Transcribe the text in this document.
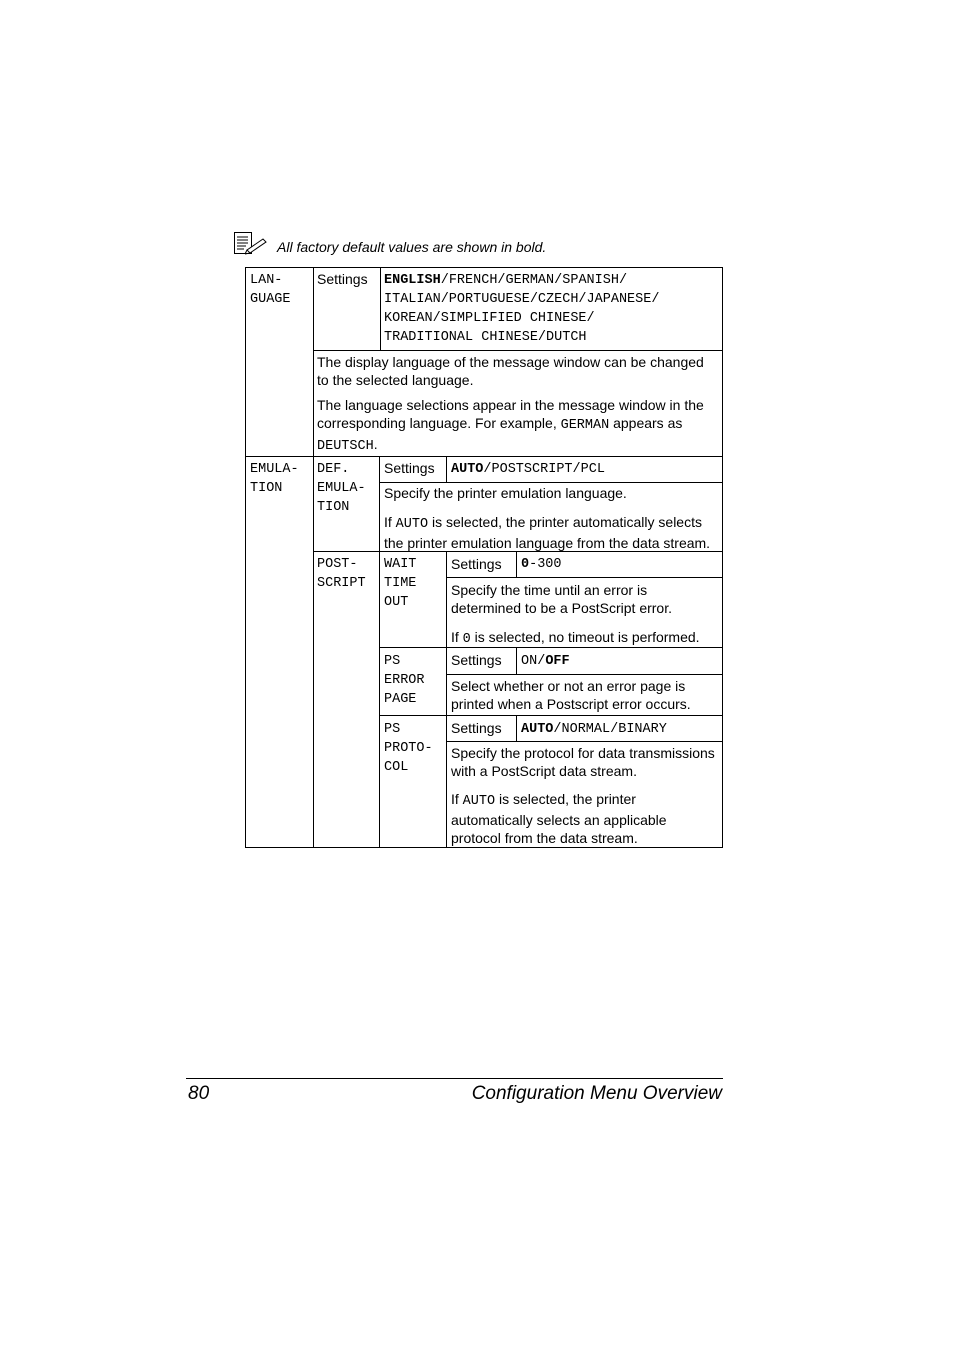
All factory default values are shown in bold.
LAN-
GUAGE
Settings ENGLISH/FRENCH/GERMAN/SPANISH/
ITALIAN/PORTUGUESE/CZECH/JAPANESE/
KOREAN/SIMPLIFIED CHINESE/
TRADITIONAL CHINESE/DUTCH
The display language of the message window can be changed to the selected language.
The language selections appear in the message window in the corresponding language. For example, GERMAN appears as DEUTSCH.
EMULA-
TION
DEF.
EMULA-
TION
Settings AUTO/POSTSCRIPT/PCL
Specify the printer emulation language.
If AUTO is selected, the printer automatically selects the printer emulation language from the data stream.
POST-
SCRIPT
WAIT
TIME
OUT
Settings 0-300
Specify the time until an error is determined to be a PostScript error.
If 0 is selected, no timeout is performed.
PS
ERROR
PAGE
Settings ON/OFF
Select whether or not an error page is printed when a Postscript error occurs.
PS
PROTO-
COL
Settings AUTO/NORMAL/BINARY
Specify the protocol for data transmissions with a PostScript data stream.
If AUTO is selected, the printer automatically selects an applicable protocol from the data stream.
80	Configuration Menu Overview
